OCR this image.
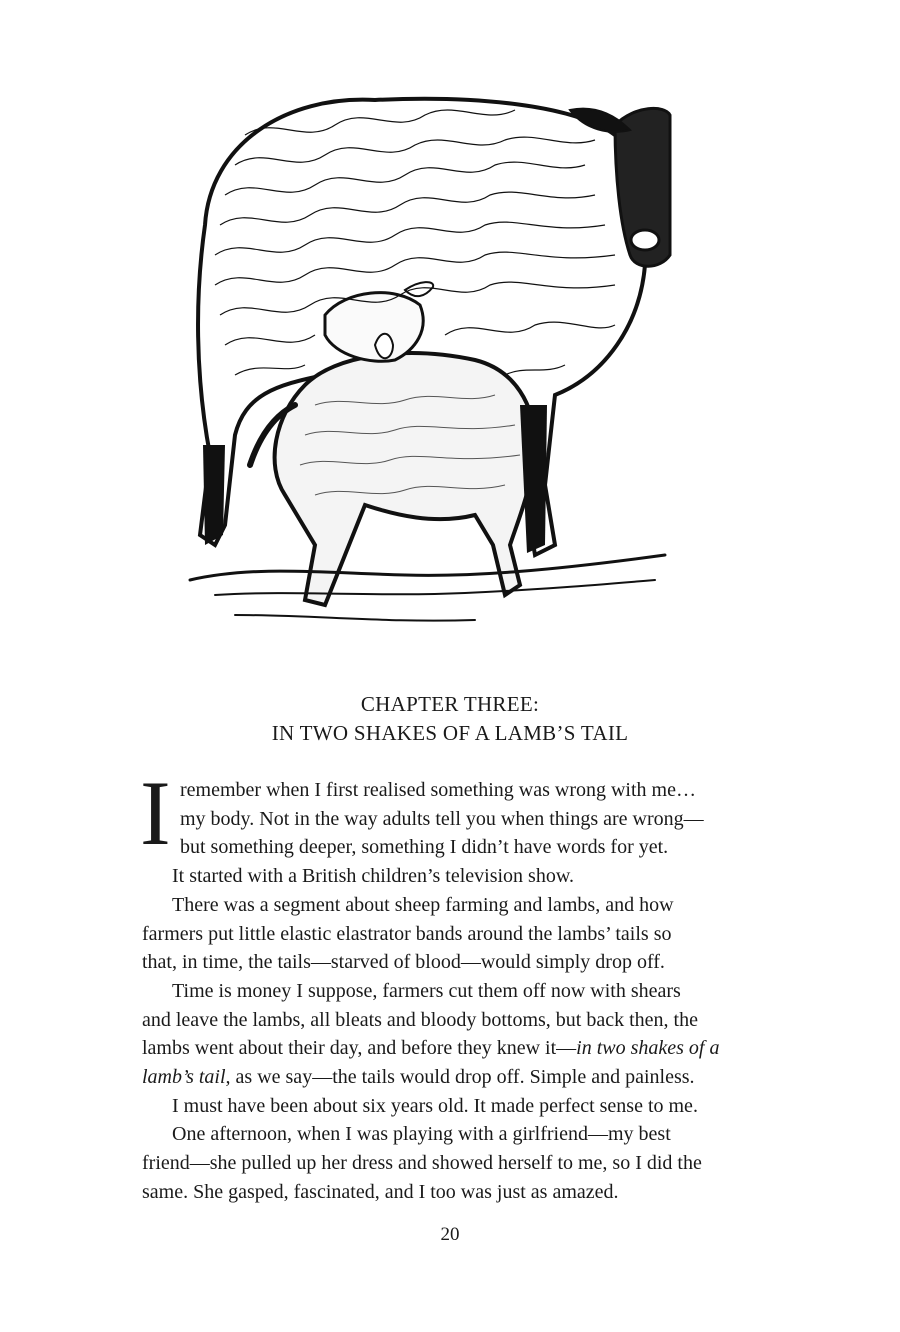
CHAPTER THREE:
IN TWO SHAKES OF A LAMB’S TAIL
I remember when I first realised something was wrong with me…
my body. Not in the way adults tell you when things are wrong—
but something deeper, something I didn’t have words for yet.
It started with a British children’s television show.
There was a segment about sheep farming and lambs, and how
farmers put little elastic elastrator bands around the lambs’ tails so
that, in time, the tails—starved of blood—would simply drop off.
Time is money I suppose, farmers cut them off now with shears
and leave the lambs, all bleats and bloody bottoms, but back then, the
lambs went about their day, and before they knew it—in two shakes of a
lamb’s tail, as we say—the tails would drop off. Simple and painless.
I must have been about six years old. It made perfect sense to me.
One afternoon, when I was playing with a girlfriend—my best
friend—she pulled up her dress and showed herself to me, so I did the
same. She gasped, fascinated, and I too was just as amazed.
20
